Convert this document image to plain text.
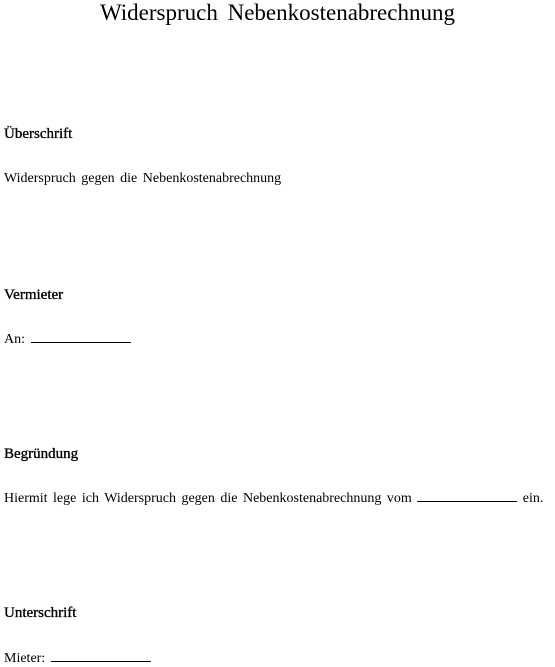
Widerspruch Nebenkostenabrechnung
Überschrift
Widerspruch gegen die Nebenkostenabrechnung
Vermieter
An:
Begründung
Hiermit lege ich Widerspruch gegen die Nebenkostenabrechnung vom	ein.
Unterschrift
Mieter:
